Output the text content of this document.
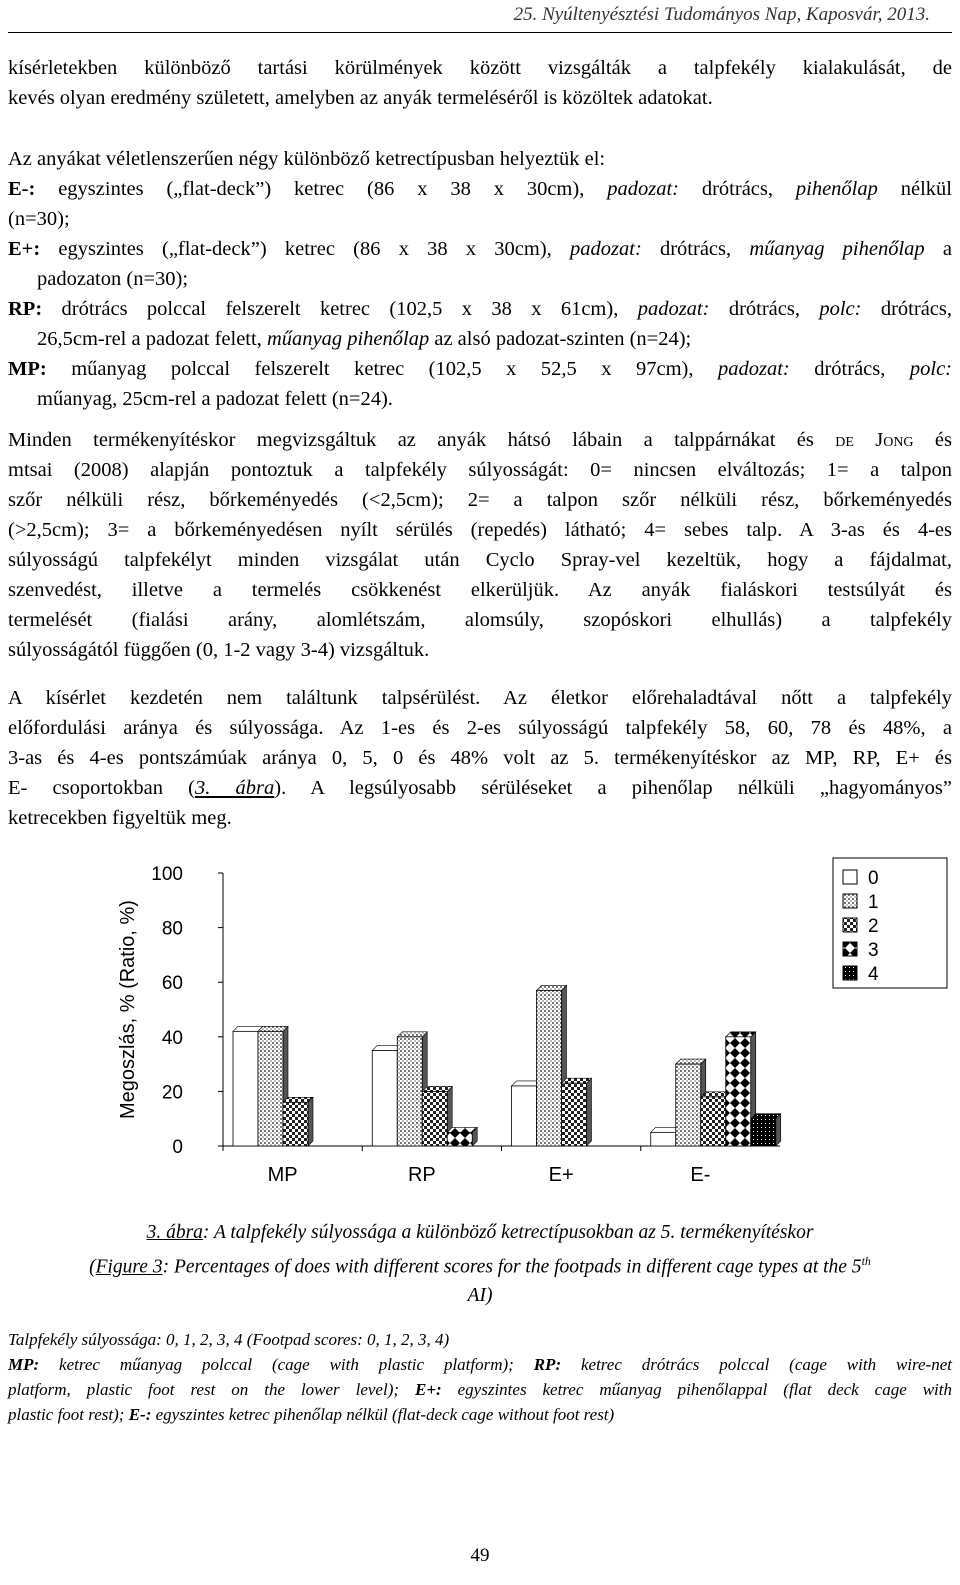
25. Nyúltenyésztési Tudományos Nap, Kaposvár, 2013.
kísérletekben különböző tartási körülmények között vizsgálták a talpfekély kialakulását, de
kevés olyan eredmény született, amelyben az anyák termeléséről is közöltek adatokat.
Az anyákat véletlenszerűen négy különböző ketrectípusban helyeztük el:
E-: egyszintes („flat-deck”) ketrec (86 x 38 x 30cm), padozat: drótrács, pihenőlap nélkül
(n=30);
E+: egyszintes („flat-deck”) ketrec (86 x 38 x 30cm), padozat: drótrács, műanyag pihenőlap a
padozaton (n=30);
RP: drótrács polccal felszerelt ketrec (102,5 x 38 x 61cm), padozat: drótrács, polc: drótrács,
26,5cm-rel a padozat felett, műanyag pihenőlap az alsó padozat-szinten (n=24);
MP: műanyag polccal felszerelt ketrec (102,5 x 52,5 x 97cm), padozat: drótrács, polc:
műanyag, 25cm-rel a padozat felett (n=24).
Minden termékenyítéskor megvizsgáltuk az anyák hátsó lábain a talppárnákat és de Jong és
mtsai (2008) alapján pontoztuk a talpfekély súlyosságát: 0= nincsen elváltozás; 1= a talpon
szőr nélküli rész, bőrkeményedés (<2,5cm); 2= a talpon szőr nélküli rész, bőrkeményedés
(>2,5cm); 3= a bőrkeményedésen nyílt sérülés (repedés) látható; 4= sebes talp. A 3-as és 4-es
súlyosságú talpfekélyt minden vizsgálat után Cyclo Spray-vel kezeltük, hogy a fájdalmat,
szenvedést, illetve a termelés csökkenést elkerüljük. Az anyák fialáskori testsúlyát és
termelését (fialási arány, alomlétszám, alomsúly, szopóskori elhullás) a talpfekély
súlyosságától függően (0, 1-2 vagy 3-4) vizsgáltuk.
A kísérlet kezdetén nem találtunk talpsérülést. Az életkor előrehaladtával nőtt a talpfekély
előfordulási aránya és súlyossága. Az 1-es és 2-es súlyosságú talpfekély 58, 60, 78 és 48%, a
3-as és 4-es pontszámúak aránya 0, 5, 0 és 48% volt az 5. termékenyítéskor az MP, RP, E+ és
E- csoportokban (3. ábra). A legsúlyosabb sérüléseket a pihenőlap nélküli „hagyományos”
ketrecekben figyeltük meg.
Megoszlás, % (Ratio, %)
0
20
40
60
80
100
MP	RP	E+	E-
0
1
2
3
4
3. ábra: A talpfekély súlyossága a különböző ketrectípusokban az 5. termékenyítéskor
(Figure 3: Percentages of does with different scores for the footpads in different cage types at the 5th
AI)
Talpfekély súlyossága: 0, 1, 2, 3, 4 (Footpad scores: 0, 1, 2, 3, 4)
MP: ketrec műanyag polccal (cage with plastic platform); RP: ketrec drótrács polccal (cage with wire-net
platform, plastic foot rest on the lower level); E+: egyszintes ketrec műanyag pihenőlappal (flat deck cage with
plastic foot rest); E-: egyszintes ketrec pihenőlap nélkül (flat-deck cage without foot rest)
49
